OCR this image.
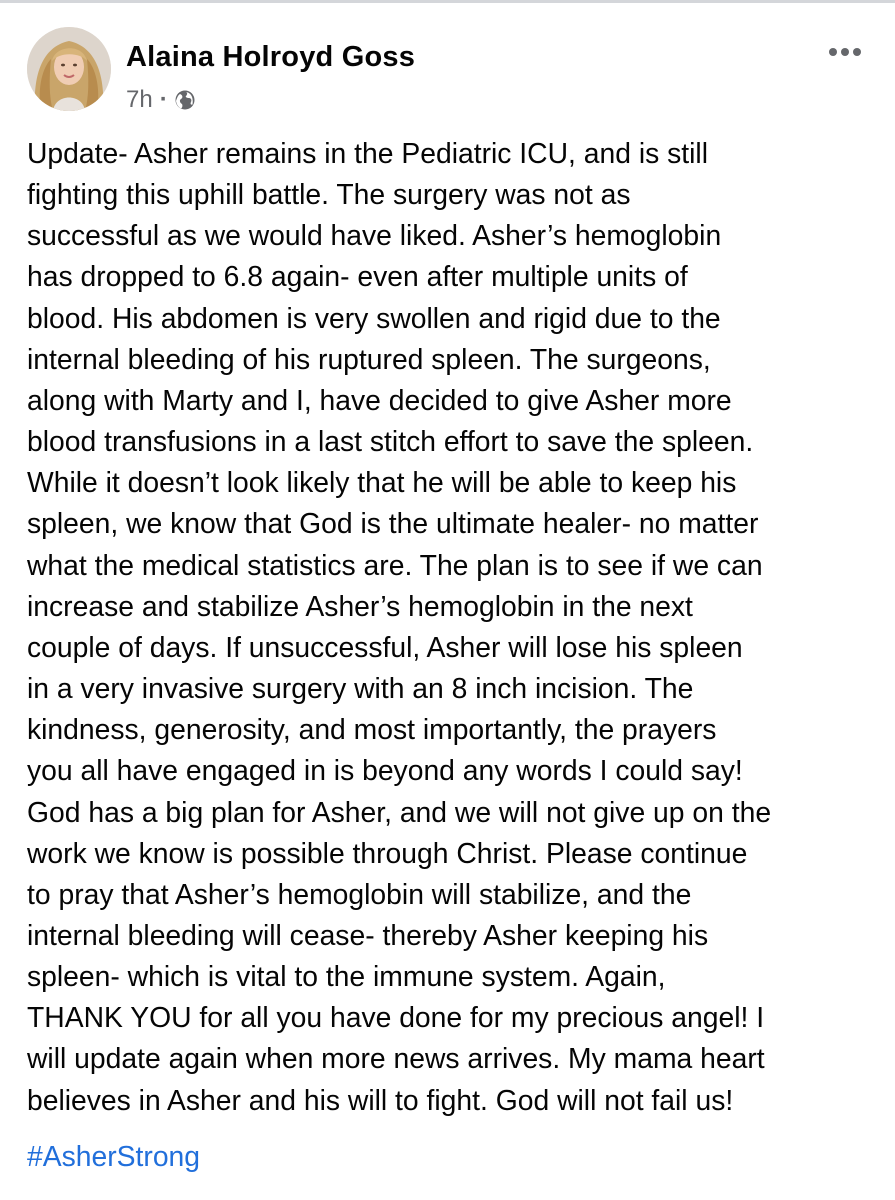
Alaina Holroyd Goss
7h ·
Update- Asher remains in the Pediatric ICU, and is still
fighting this uphill battle. The surgery was not as
successful as we would have liked. Asher’s hemoglobin
has dropped to 6.8 again- even after multiple units of
blood. His abdomen is very swollen and rigid due to the
internal bleeding of his ruptured spleen. The surgeons,
along with Marty and I, have decided to give Asher more
blood transfusions in a last stitch effort to save the spleen.
While it doesn’t look likely that he will be able to keep his
spleen, we know that God is the ultimate healer- no matter
what the medical statistics are. The plan is to see if we can
increase and stabilize Asher’s hemoglobin in the next
couple of days. If unsuccessful, Asher will lose his spleen
in a very invasive surgery with an 8 inch incision. The
kindness, generosity, and most importantly, the prayers
you all have engaged in is beyond any words I could say!
God has a big plan for Asher, and we will not give up on the
work we know is possible through Christ. Please continue
to pray that Asher’s hemoglobin will stabilize, and the
internal bleeding will cease- thereby Asher keeping his
spleen- which is vital to the immune system. Again,
THANK YOU for all you have done for my precious angel! I
will update again when more news arrives. My mama heart
believes in Asher and his will to fight. God will not fail us!
#AsherStrong
